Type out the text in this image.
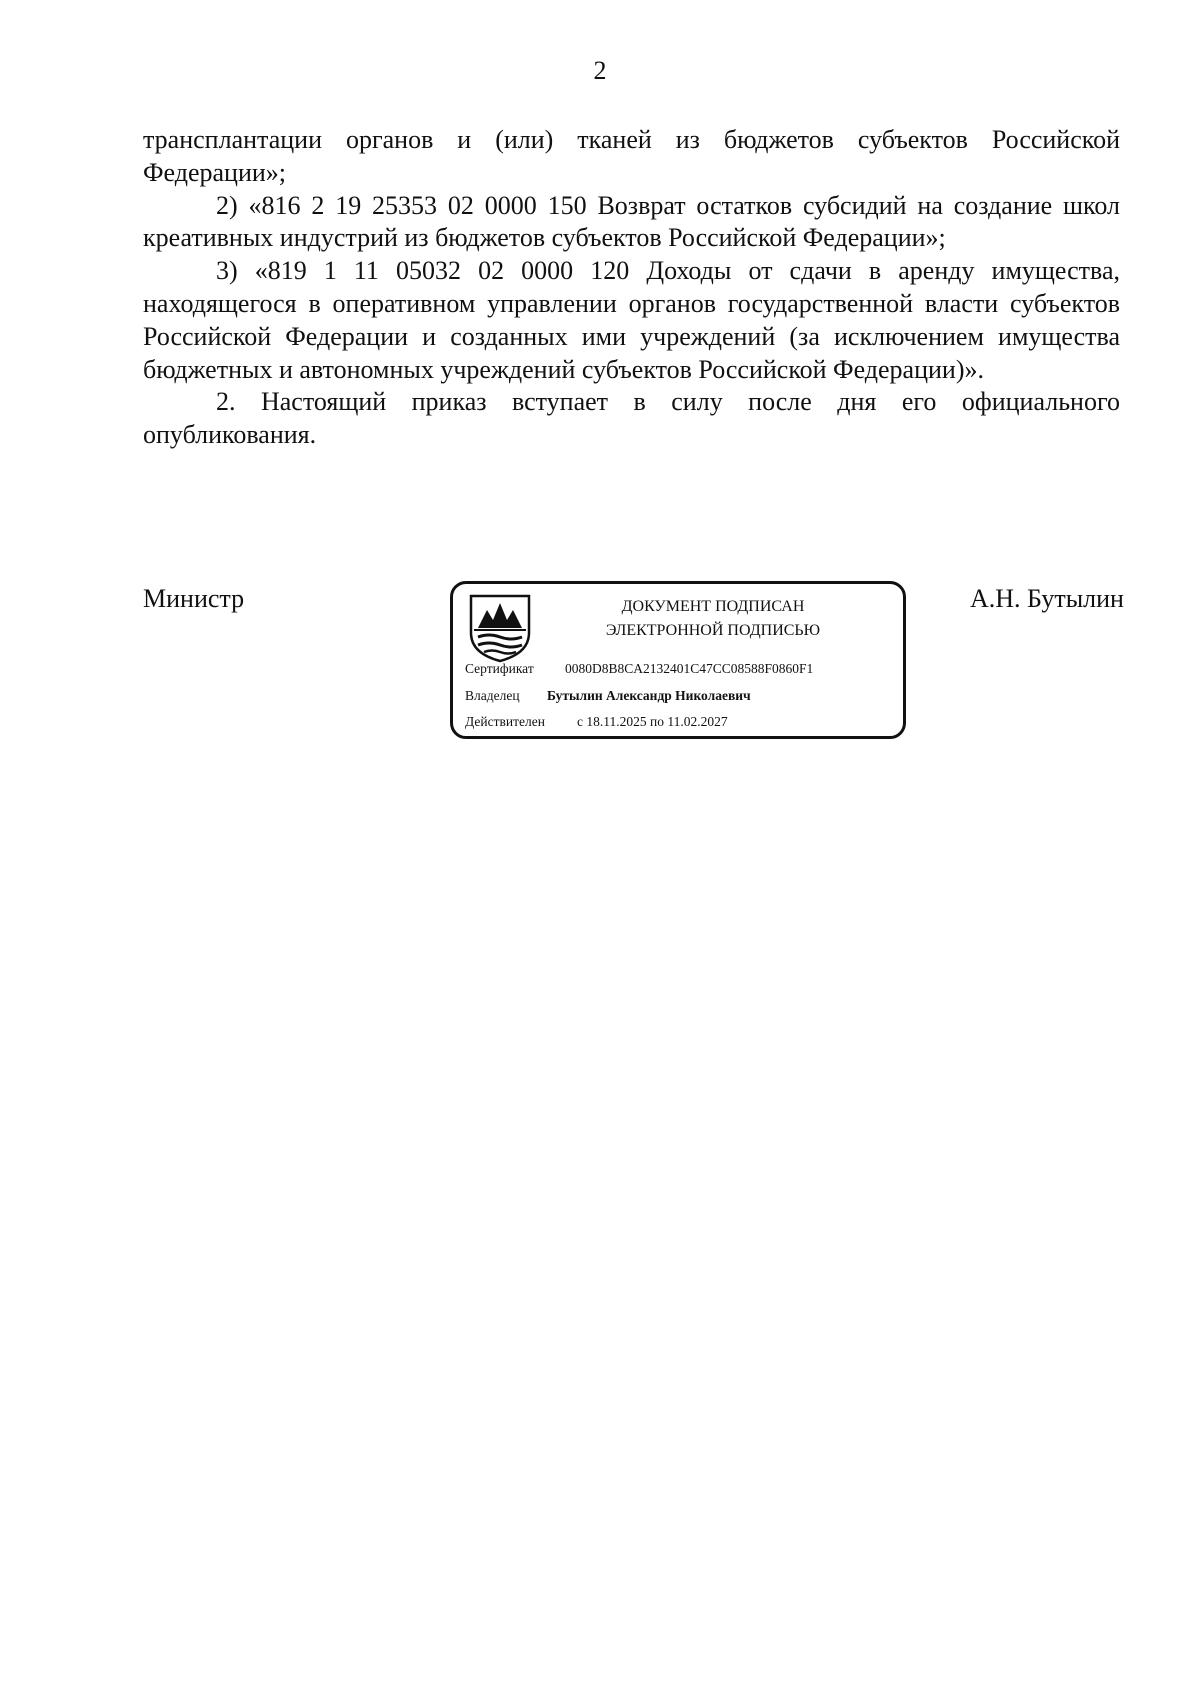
2

трансплантации органов и (или) тканей из бюджетов субъектов Российской Федерации»;

2) «816 2 19 25353 02 0000 150 Возврат остатков субсидий на создание школ креативных индустрий из бюджетов субъектов Российской Федерации»;

3) «819 1 11 05032 02 0000 120 Доходы от сдачи в аренду имущества, находящегося в оперативном управлении органов государственной власти субъектов Российской Федерации и созданных ими учреждений (за исключением имущества бюджетных и автономных учреждений субъектов Российской Федерации)».

2. Настоящий приказ вступает в силу после дня его официального опубликования.

Министр	ДОКУМЕНТ ПОДПИСАН
ЭЛЕКТРОННОЙ ПОДПИСЬЮ
Сертификат 0080D8B8CA2132401C47CC08588F0860F1
Владелец Бутылин Александр Николаевич
Действителен с 18.11.2025 по 11.02.2027
А.Н. Бутылин
